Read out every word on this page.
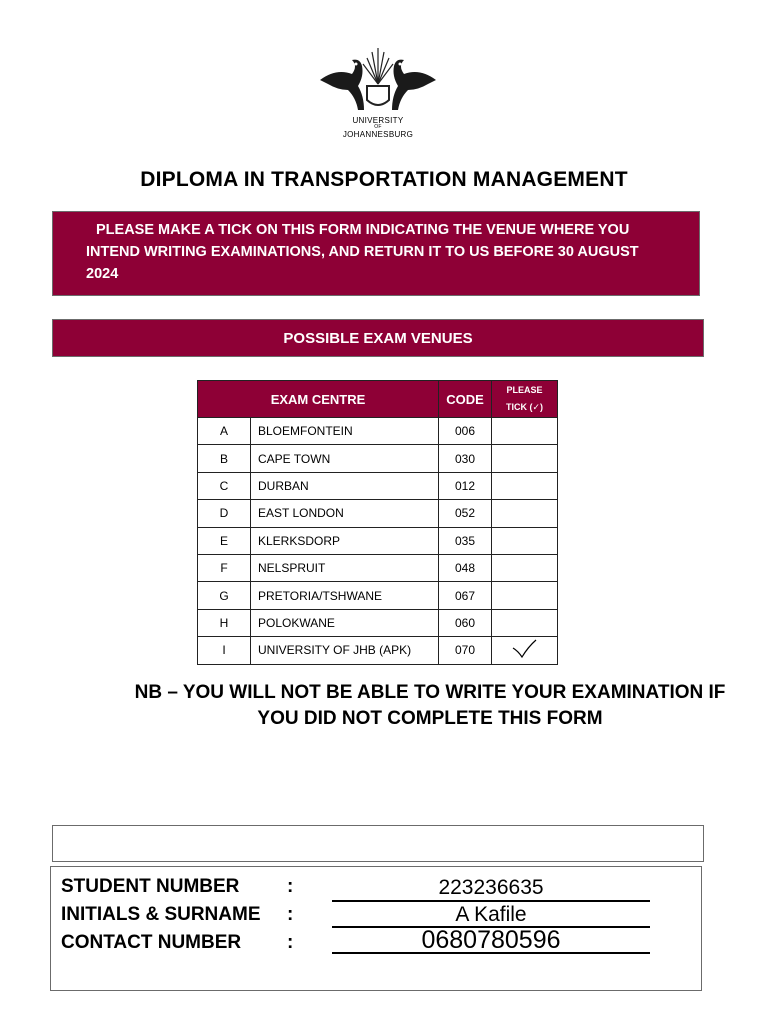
UNIVERSITY
OF
JOHANNESBURG
DIPLOMA IN TRANSPORTATION MANAGEMENT
PLEASE MAKE A TICK ON THIS FORM INDICATING THE VENUE WHERE YOU
INTEND WRITING EXAMINATIONS, AND RETURN IT TO US BEFORE 30 AUGUST
2024
POSSIBLE EXAM VENUES
EXAM CENTRE		CODE	PLEASE
TICK (✓)

A	BLOEMFONTEIN	006	
B	CAPE TOWN	030	
C	DURBAN	012	
D	EAST LONDON	052	
E	KLERKSDORP	035	
F	NELSPRUIT	048	
G	PRETORIA/TSHWANE	067	
H	POLOKWANE	060	
I	UNIVERSITY OF JHB (APK)	070	
NB – YOU WILL NOT BE ABLE TO WRITE YOUR EXAMINATION IF
YOU DID NOT COMPLETE THIS FORM
STUDENT NUMBER	:	223236635
INITIALS & SURNAME	:	A Kafile
CONTACT NUMBER	:	0680780596
